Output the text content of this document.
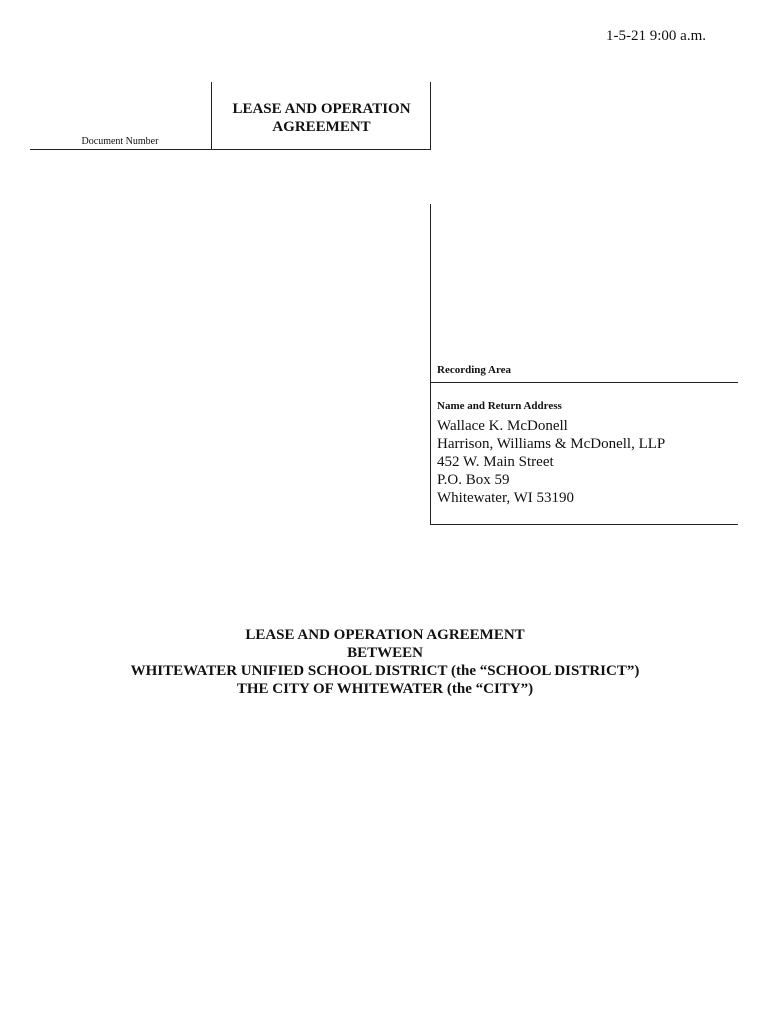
1-5-21 9:00 a.m.
LEASE AND OPERATION
AGREEMENT
Document Number
Recording Area
Name and Return Address
Wallace K. McDonell
Harrison, Williams & McDonell, LLP
452 W. Main Street
P.O. Box 59
Whitewater, WI 53190
LEASE AND OPERATION AGREEMENT
BETWEEN
WHITEWATER UNIFIED SCHOOL DISTRICT (the “SCHOOL DISTRICT”)
THE CITY OF WHITEWATER (the “CITY”)
